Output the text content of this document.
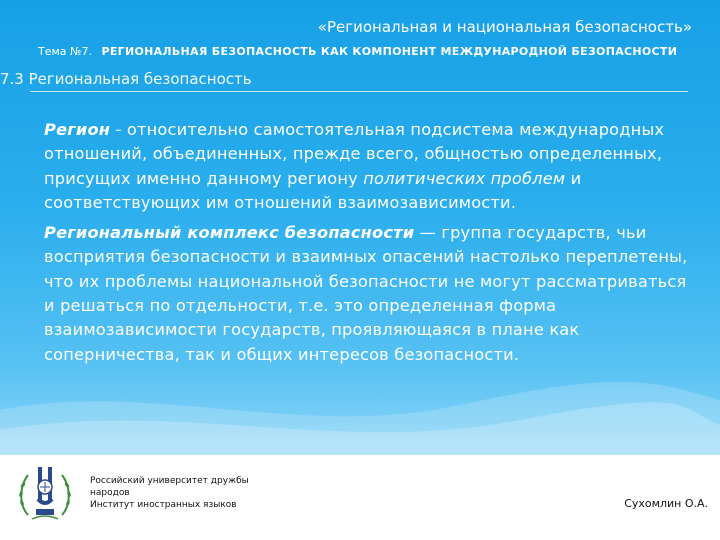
«Региональная и национальная безопасность»
Тема №7. РЕГИОНАЛЬНАЯ БЕЗОПАСНОСТЬ КАК КОМПОНЕНТ МЕЖДУНАРОДНОЙ БЕЗОПАСНОСТИ
7.3 Региональная безопасность

Регион - относительно самостоятельная подсистема международных отношений, объединенных, прежде всего, общностью определенных, присущих именно данному региону политических проблем и соответствующих им отношений взаимозависимости.

Региональный комплекс безопасности — группа государств, чьи восприятия безопасности и взаимных опасений настолько переплетены, что их проблемы национальной безопасности не могут рассматриваться и решаться по отдельности, т.е. это определенная форма взаимозависимости государств, проявляющаяся в плане как соперничества, так и общих интересов безопасности.

Российский университет дружбы
народов
Институт иностранных языков	Сухомлин О.А.
